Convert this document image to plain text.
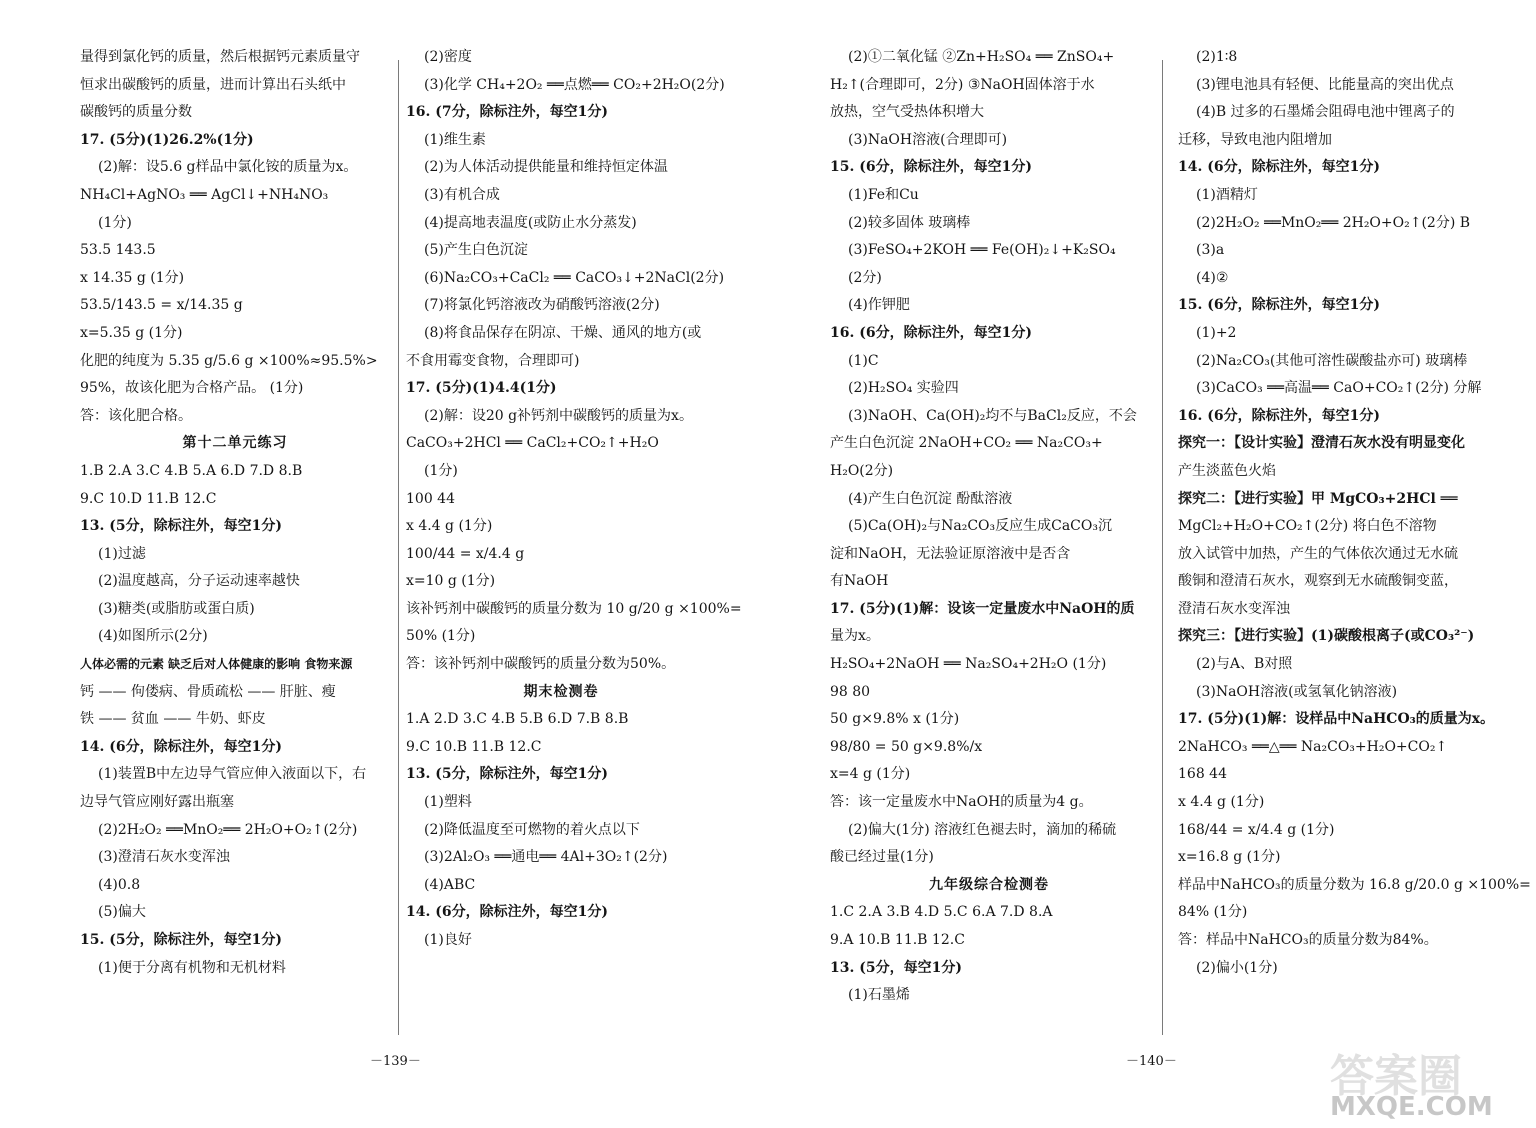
量得到氯化钙的质量，然后根据钙元素质量守
恒求出碳酸钙的质量，进而计算出石头纸中
碳酸钙的质量分数
17. (5分)(1)26.2%(1分)
(2)解：设5.6 g样品中氯化铵的质量为x。
NH₄Cl+AgNO₃ ══ AgCl↓+NH₄NO₃
(1分)
53.5 143.5
x 14.35 g (1分)
53.5/143.5 = x/14.35 g
x=5.35 g (1分)
化肥的纯度为 5.35 g/5.6 g ×100%≈95.5%>
95%，故该化肥为合格产品。 (1分)
答：该化肥合格。
第十二单元练习
1.B 2.A 3.C 4.B 5.A 6.D 7.D 8.B
9.C 10.D 11.B 12.C
13. (5分，除标注外，每空1分)
(1)过滤
(2)温度越高，分子运动速率越快
(3)糖类(或脂肪或蛋白质)
(4)如图所示(2分)
人体必需的元素 缺乏后对人体健康的影响 食物来源
钙 —— 佝偻病、骨质疏松 —— 肝脏、瘦
铁 —— 贫血 —— 牛奶、虾皮
14. (6分，除标注外，每空1分)
(1)装置B中左边导气管应伸入液面以下，右
边导气管应刚好露出瓶塞
(2)2H₂O₂ ══MnO₂══ 2H₂O+O₂↑(2分)
(3)澄清石灰水变浑浊
(4)0.8
(5)偏大
15. (5分，除标注外，每空1分)
(1)便于分离有机物和无机材料
(2)密度
(3)化学 CH₄+2O₂ ══点燃══ CO₂+2H₂O(2分)
16. (7分，除标注外，每空1分)
(1)维生素
(2)为人体活动提供能量和维持恒定体温
(3)有机合成
(4)提高地表温度(或防止水分蒸发)
(5)产生白色沉淀
(6)Na₂CO₃+CaCl₂ ══ CaCO₃↓+2NaCl(2分)
(7)将氯化钙溶液改为硝酸钙溶液(2分)
(8)将食品保存在阴凉、干燥、通风的地方(或
不食用霉变食物，合理即可)
17. (5分)(1)4.4(1分)
(2)解：设20 g补钙剂中碳酸钙的质量为x。
CaCO₃+2HCl ══ CaCl₂+CO₂↑+H₂O
(1分)
100 44
x 4.4 g (1分)
100/44 = x/4.4 g
x=10 g (1分)
该补钙剂中碳酸钙的质量分数为 10 g/20 g ×100%=
50% (1分)
答：该补钙剂中碳酸钙的质量分数为50%。
期末检测卷
1.A 2.D 3.C 4.B 5.B 6.D 7.B 8.B
9.C 10.B 11.B 12.C
13. (5分，除标注外，每空1分)
(1)塑料
(2)降低温度至可燃物的着火点以下
(3)2Al₂O₃ ══通电══ 4Al+3O₂↑(2分)
(4)ABC
14. (6分，除标注外，每空1分)
(1)良好
(2)①二氧化锰 ②Zn+H₂SO₄ ══ ZnSO₄+
H₂↑(合理即可，2分) ③NaOH固体溶于水
放热，空气受热体积增大
(3)NaOH溶液(合理即可)
15. (6分，除标注外，每空1分)
(1)Fe和Cu
(2)较多固体 玻璃棒
(3)FeSO₄+2KOH ══ Fe(OH)₂↓+K₂SO₄
(2分)
(4)作钾肥
16. (6分，除标注外，每空1分)
(1)C
(2)H₂SO₄ 实验四
(3)NaOH、Ca(OH)₂均不与BaCl₂反应，不会
产生白色沉淀 2NaOH+CO₂ ══ Na₂CO₃+
H₂O(2分)
(4)产生白色沉淀 酚酞溶液
(5)Ca(OH)₂与Na₂CO₃反应生成CaCO₃沉
淀和NaOH，无法验证原溶液中是否含
有NaOH
17. (5分)(1)解：设该一定量废水中NaOH的质
量为x。
H₂SO₄+2NaOH ══ Na₂SO₄+2H₂O (1分)
98 80
50 g×9.8% x (1分)
98/80 = 50 g×9.8%/x
x=4 g (1分)
答：该一定量废水中NaOH的质量为4 g。
(2)偏大(1分) 溶液红色褪去时，滴加的稀硫
酸已经过量(1分)
九年级综合检测卷
1.C 2.A 3.B 4.D 5.C 6.A 7.D 8.A
9.A 10.B 11.B 12.C
13. (5分，每空1分)
(1)石墨烯
(2)1∶8
(3)锂电池具有轻便、比能量高的突出优点
(4)B 过多的石墨烯会阻碍电池中锂离子的
迁移，导致电池内阻增加
14. (6分，除标注外，每空1分)
(1)酒精灯
(2)2H₂O₂ ══MnO₂══ 2H₂O+O₂↑(2分) B
(3)a
(4)②
15. (6分，除标注外，每空1分)
(1)+2
(2)Na₂CO₃(其他可溶性碳酸盐亦可) 玻璃棒
(3)CaCO₃ ══高温══ CaO+CO₂↑(2分) 分解
16. (6分，除标注外，每空1分)
探究一：【设计实验】澄清石灰水没有明显变化
产生淡蓝色火焰
探究二：【进行实验】甲 MgCO₃+2HCl ══
MgCl₂+H₂O+CO₂↑(2分) 将白色不溶物
放入试管中加热，产生的气体依次通过无水硫
酸铜和澄清石灰水，观察到无水硫酸铜变蓝，
澄清石灰水变浑浊
探究三：【进行实验】(1)碳酸根离子(或CO₃²⁻)
(2)与A、B对照
(3)NaOH溶液(或氢氧化钠溶液)
17. (5分)(1)解：设样品中NaHCO₃的质量为x。
2NaHCO₃ ══△══ Na₂CO₃+H₂O+CO₂↑
168 44
x 4.4 g (1分)
168/44 = x/4.4 g (1分)
x=16.8 g (1分)
样品中NaHCO₃的质量分数为 16.8 g/20.0 g ×100%=
84% (1分)
答：样品中NaHCO₃的质量分数为84%。
(2)偏小(1分)
－139－	－140－	答案圈
MXQE.COM
